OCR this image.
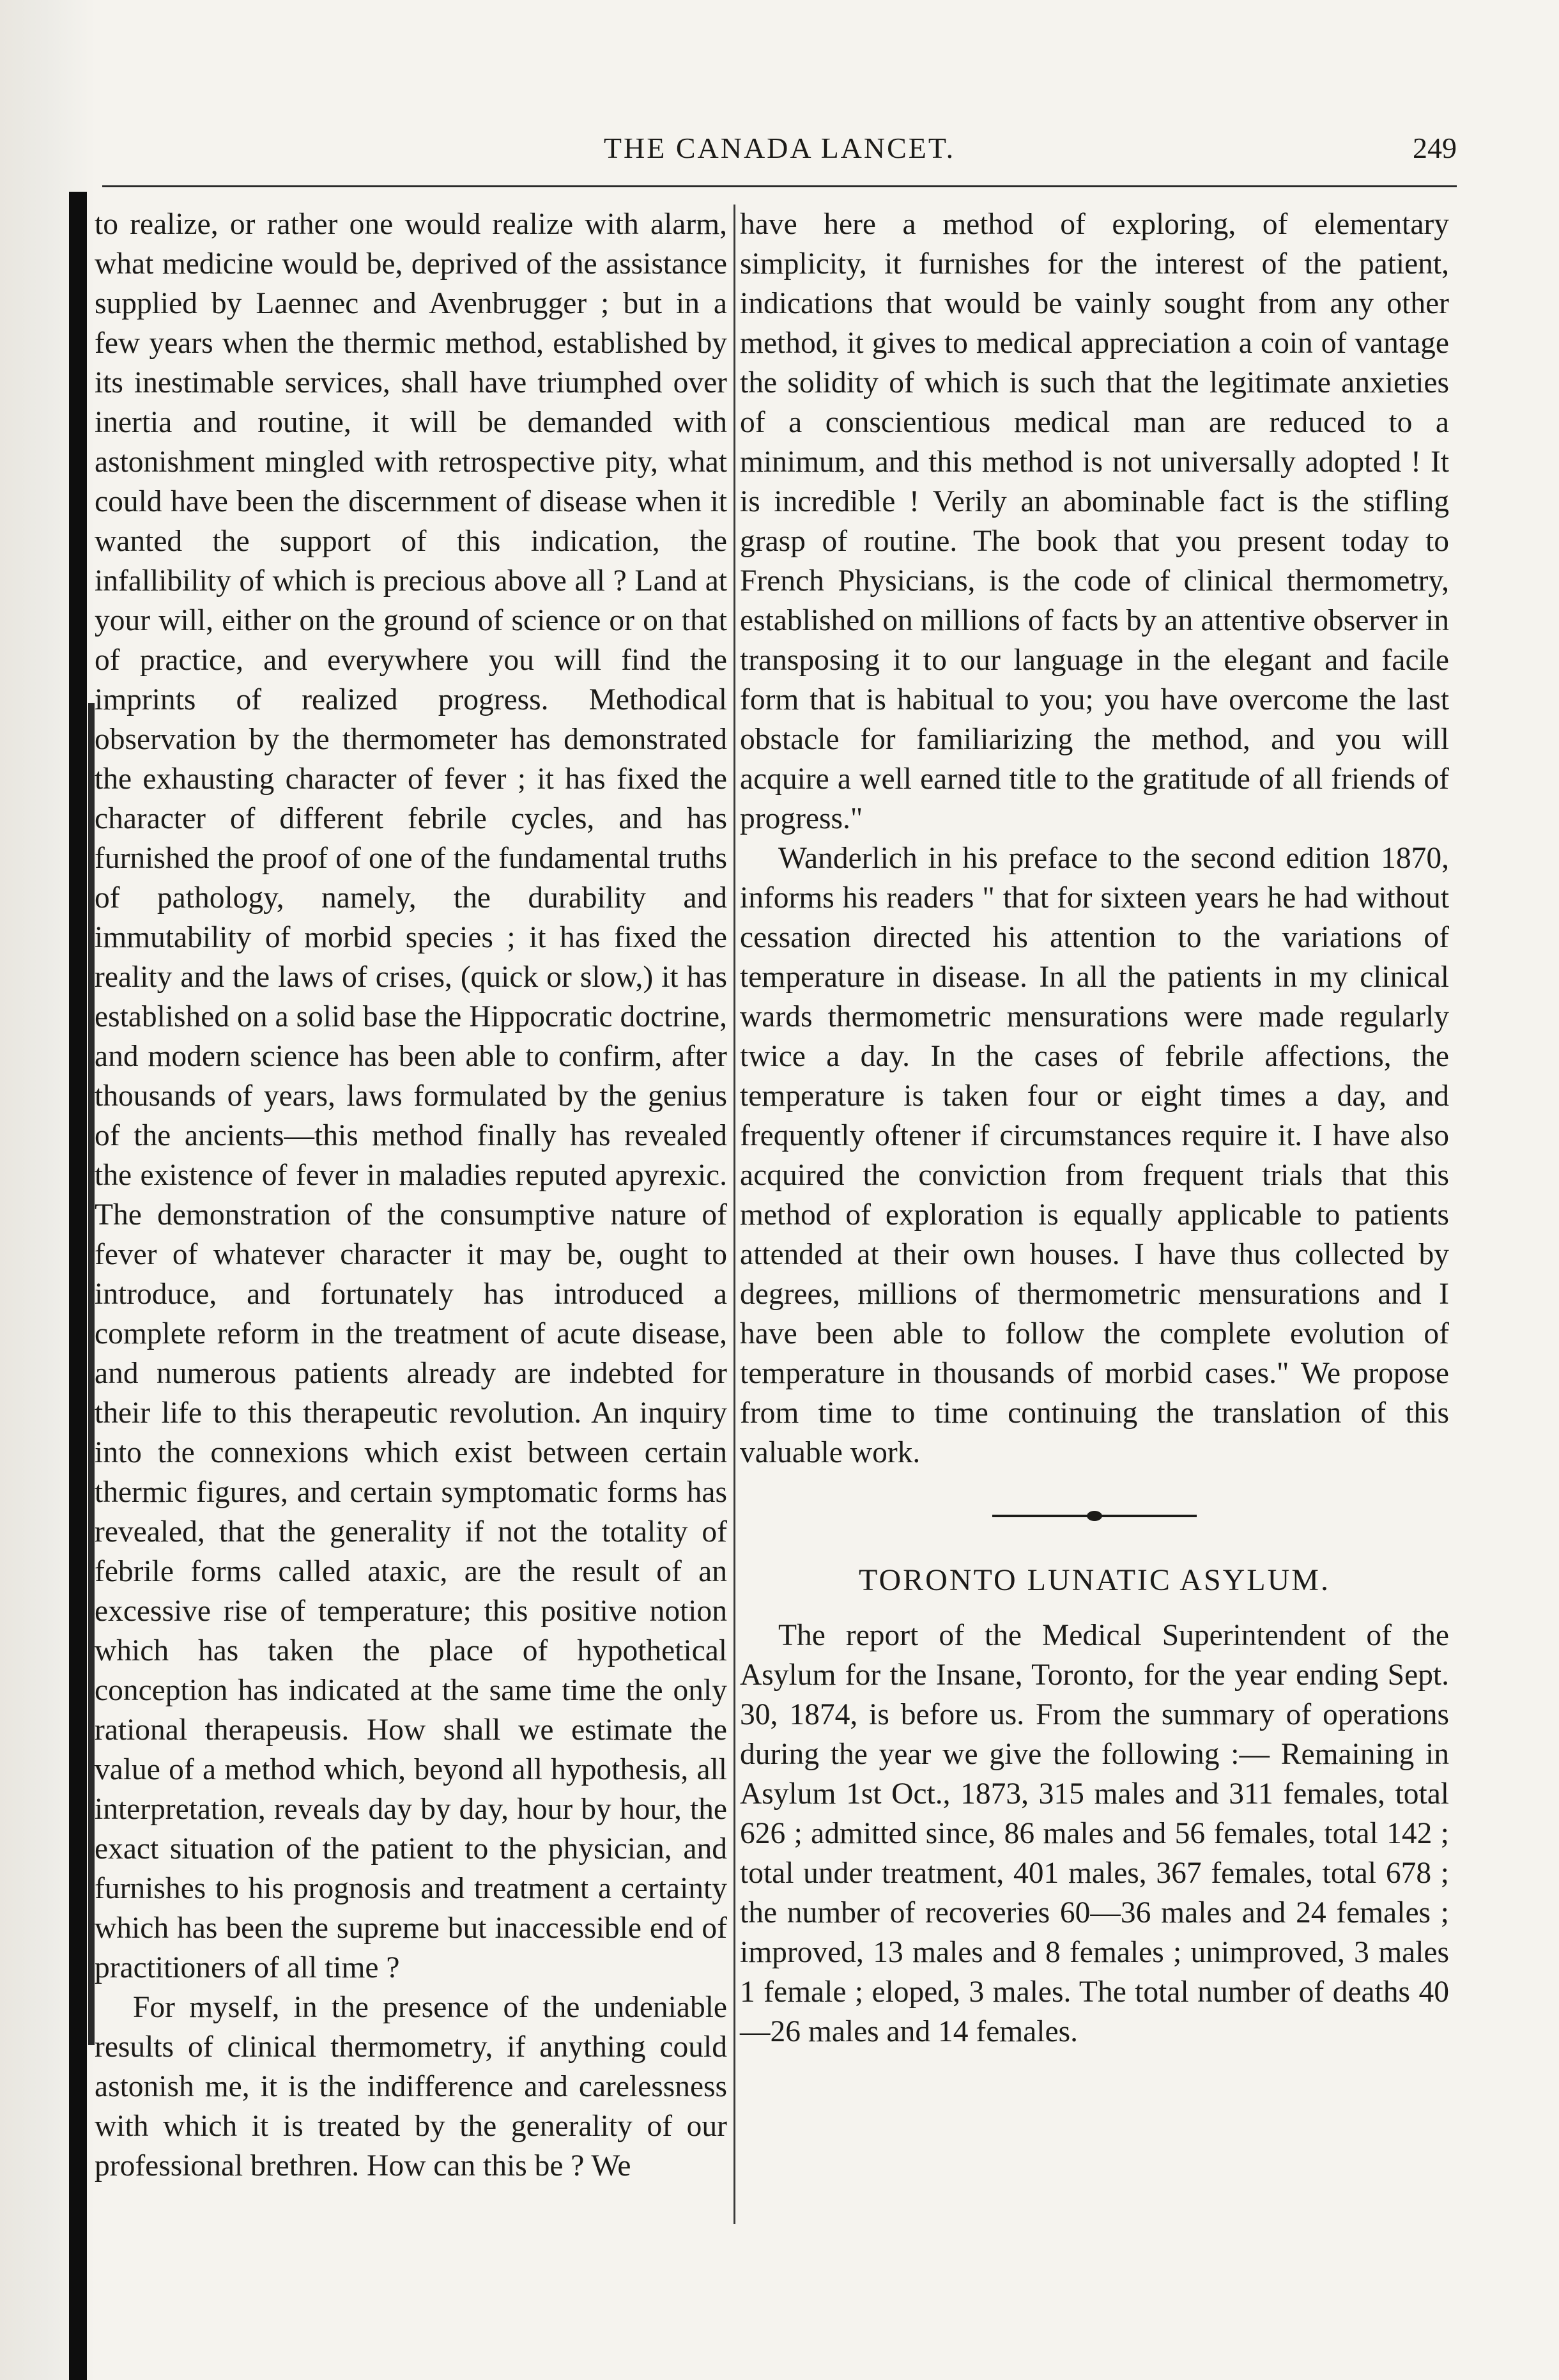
THE CANADA LANCET.	249

to realize, or rather one would realize with alarm, what medicine would be, deprived of the assistance supplied by Laennec and Avenbrugger ; but in a few years when the thermic method, established by its inestimable services, shall have triumphed over inertia and routine, it will be demanded with astonishment mingled with retrospective pity, what could have been the discernment of disease when it wanted the support of this indication, the infallibility of which is precious above all ? Land at your will, either on the ground of science or on that of practice, and everywhere you will find the imprints of realized progress. Methodical observation by the thermometer has demonstrated the exhausting character of fever ; it has fixed the character of different febrile cycles, and has furnished the proof of one of the fundamental truths of pathology, namely, the durability and immutability of morbid species ; it has fixed the reality and the laws of crises, (quick or slow,) it has established on a solid base the Hippocratic doctrine, and modern science has been able to confirm, after thousands of years, laws formulated by the genius of the ancients—this method finally has revealed the existence of fever in maladies reputed apyrexic. The demonstration of the consumptive nature of fever of whatever character it may be, ought to introduce, and fortunately has introduced a complete reform in the treatment of acute disease, and numerous patients already are indebted for their life to this therapeutic revolution. An inquiry into the connexions which exist between certain thermic figures, and certain symptomatic forms has revealed, that the generality if not the totality of febrile forms called ataxic, are the result of an excessive rise of temperature; this positive notion which has taken the place of hypothetical conception has indicated at the same time the only rational therapeusis. How shall we estimate the value of a method which, beyond all hypothesis, all interpretation, reveals day by day, hour by hour, the exact situation of the patient to the physician, and furnishes to his prognosis and treatment a certainty which has been the supreme but inaccessible end of practitioners of all time ?

For myself, in the presence of the undeniable results of clinical thermometry, if anything could astonish me, it is the indifference and carelessness with which it is treated by the generality of our professional brethren. How can this be ? We

have here a method of exploring, of elementary simplicity, it furnishes for the interest of the patient, indications that would be vainly sought from any other method, it gives to medical appreciation a coin of vantage the solidity of which is such that the legitimate anxieties of a conscientious medical man are reduced to a minimum, and this method is not universally adopted ! It is incredible ! Verily an abominable fact is the stifling grasp of routine. The book that you present today to French Physicians, is the code of clinical thermometry, established on millions of facts by an attentive observer in transposing it to our language in the elegant and facile form that is habitual to you; you have overcome the last obstacle for familiarizing the method, and you will acquire a well earned title to the gratitude of all friends of progress."

Wanderlich in his preface to the second edition 1870, informs his readers " that for sixteen years he had without cessation directed his attention to the variations of temperature in disease. In all the patients in my clinical wards thermometric mensurations were made regularly twice a day. In the cases of febrile affections, the temperature is taken four or eight times a day, and frequently oftener if circumstances require it. I have also acquired the conviction from frequent trials that this method of exploration is equally applicable to patients attended at their own houses. I have thus collected by degrees, millions of thermometric mensurations and I have been able to follow the complete evolution of temperature in thousands of morbid cases." We propose from time to time continuing the translation of this valuable work.

TORONTO LUNATIC ASYLUM.

The report of the Medical Superintendent of the Asylum for the Insane, Toronto, for the year ending Sept. 30, 1874, is before us. From the summary of operations during the year we give the following :— Remaining in Asylum 1st Oct., 1873, 315 males and 311 females, total 626 ; admitted since, 86 males and 56 females, total 142 ; total under treatment, 401 males, 367 females, total 678 ; the number of recoveries 60—36 males and 24 females ; improved, 13 males and 8 females ; unimproved, 3 males 1 female ; eloped, 3 males. The total number of deaths 40—26 males and 14 females.
